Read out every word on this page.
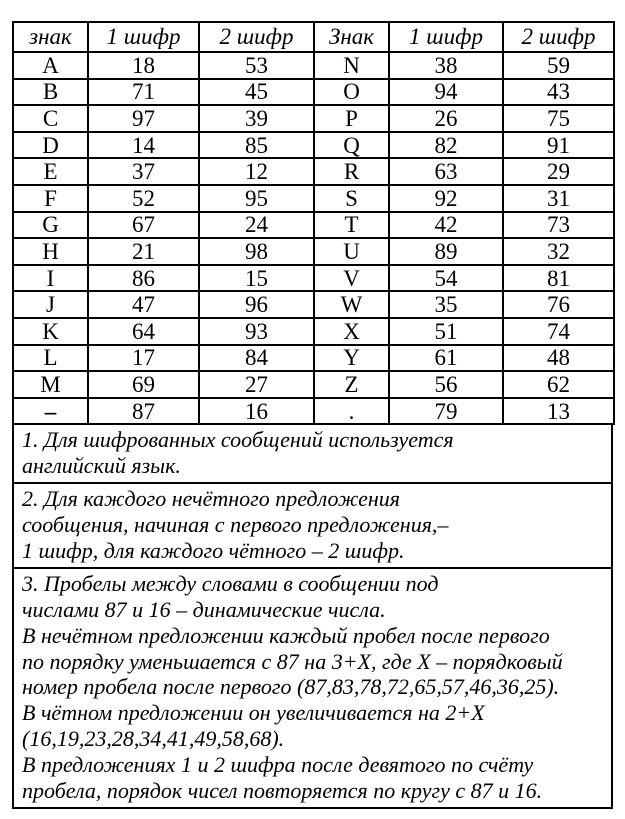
знак	1 шифр	2 шифр	Знак	1 шифр	2 шифр
A	18	53	N	38	59
B	71	45	O	94	43
C	97	39	P	26	75
D	14	85	Q	82	91
E	37	12	R	63	29
F	52	95	S	92	31
G	67	24	T	42	73
H	21	98	U	89	32
I	86	15	V	54	81
J	47	96	W	35	76
K	64	93	X	51	74
L	17	84	Y	61	48
M	69	27	Z	56	62
–	87	16	.	79	13
1. Для шифрованных сообщений используется
английский язык.
2. Для каждого нечётного предложения
сообщения, начиная с первого предложения,–
1 шифр, для каждого чётного – 2 шифр.
3. Пробелы между словами в сообщении под
числами 87 и 16 – динамические числа.
В нечётном предложении каждый пробел после первого
по порядку уменьшается с 87 на 3+X, где X – порядковый
номер пробела после первого (87,83,78,72,65,57,46,36,25).
В чётном предложении он увеличивается на 2+X
(16,19,23,28,34,41,49,58,68).
В предложениях 1 и 2 шифра после девятого по счёту
пробела, порядок чисел повторяется по кругу с 87 и 16.
